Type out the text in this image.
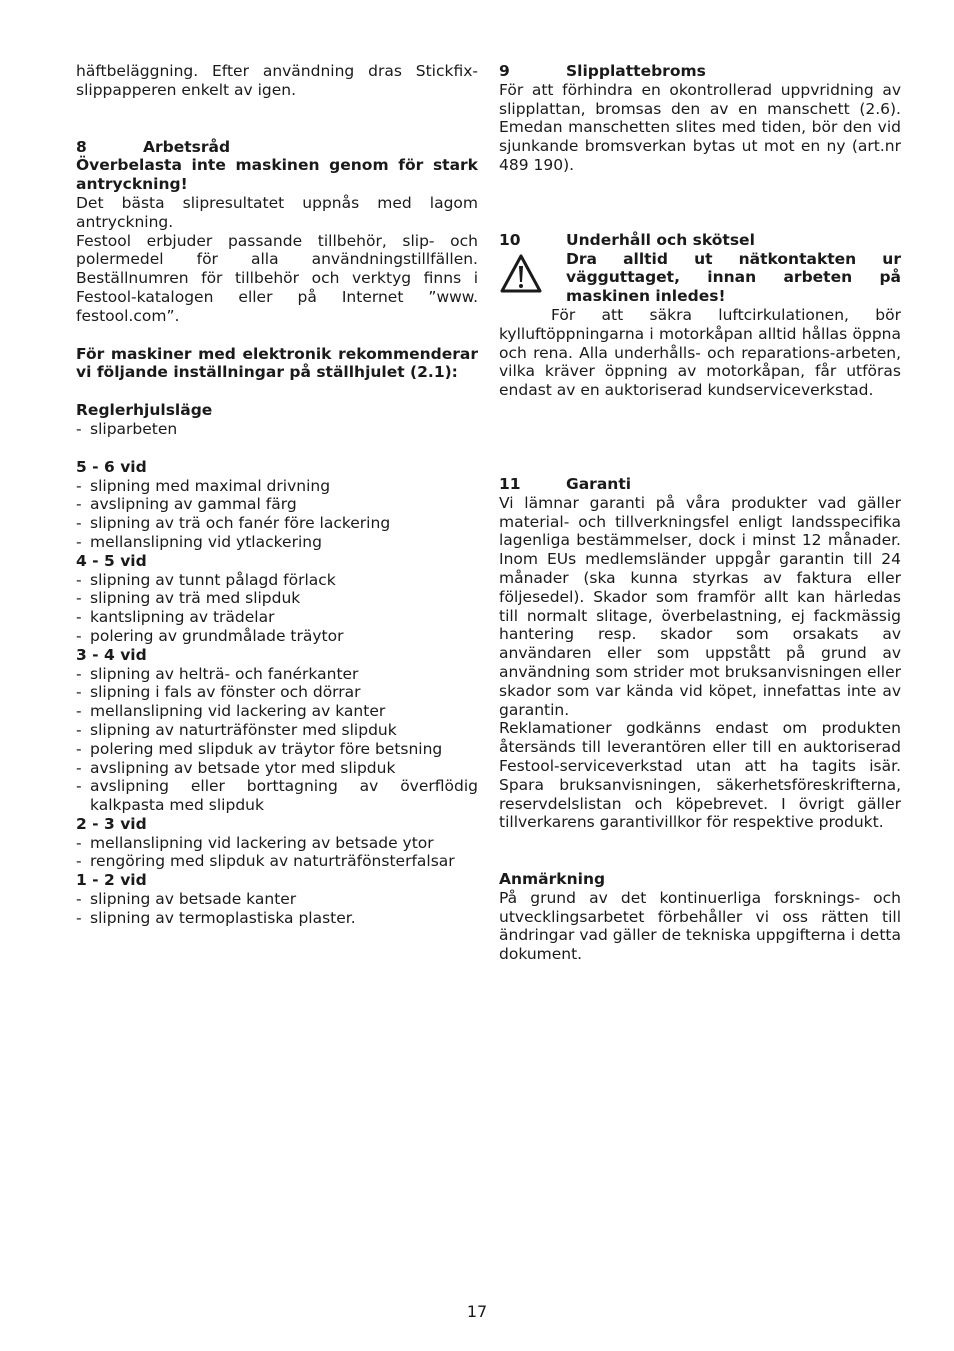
häftbeläggning. Efter användning dras Stickfix-slippapperen enkelt av igen.

8	Arbetsråd

Överbelasta inte maskinen genom för stark antryckning!

Det bästa slipresultatet uppnås med lagom antryckning.

Festool erbjuder passande tillbehör, slip- och polermedel för alla användningstillfällen. Beställnumren för tillbehör och verktyg finns i Festool-katalogen eller på Internet ”www. festool.com”.

För maskiner med elektronik rekommenderar vi följande inställningar på ställhjulet (2.1):

Reglerhjulsläge

- sliparbeten

5 - 6 vid

- slipning med maximal drivning
- avslipning av gammal färg
- slipning av trä och fanér före lackering
- mellanslipning vid ytlackering

4 - 5 vid

- slipning av tunnt pålagd förlack
- slipning av trä med slipduk
- kantslipning av trädelar
- polering av grundmålade träytor

3 - 4 vid

- slipning av helträ- och fanérkanter
- slipning i fals av fönster och dörrar
- mellanslipning vid lackering av kanter
- slipning av naturträfönster med slipduk
- polering med slipduk av träytor före betsning
- avslipning av betsade ytor med slipduk
- avslipning eller borttagning av överflödig kalkpasta med slipduk

2 - 3 vid

- mellanslipning vid lackering av betsade ytor
- rengöring med slipduk av naturträfönsterfalsar

1 - 2 vid

- slipning av betsade kanter
- slipning av termoplastiska plaster.
9	Slipplattebroms

För att förhindra en okontrollerad uppvridning av slipplattan, bromsas den av en manschett (2.6). Emedan manschetten slites med tiden, bör den vid sjunkande bromsverkan bytas ut mot en ny (art.nr 489 190).

10	Underhåll och skötsel
Dra alltid ut nätkontakten ur vägguttaget, innan arbeten på maskinen inledes!

För att säkra luftcirkulationen, bör kylluftöppningarna i motorkåpan alltid hållas öppna och rena. Alla underhålls- och reparations-arbeten, vilka kräver öppning av motorkåpan, får utföras endast av en auktoriserad kundserviceverkstad.

11	Garanti

Vi lämnar garanti på våra produkter vad gäller material- och tillverkningsfel enligt landsspecifika lagenliga bestämmelser, dock i minst 12 månader. Inom EUs medlemsländer uppgår garantin till 24 månader (ska kunna styrkas av faktura eller följesedel). Skador som framför allt kan härledas till normalt slitage, överbelastning, ej fackmässig hantering resp. skador som orsakats av användaren eller som uppstått på grund av användning som strider mot bruksanvisningen eller skador som var kända vid köpet, innefattas inte av garantin.

Reklamationer godkänns endast om produkten återsänds till leverantören eller till en auktoriserad Festool-serviceverkstad utan att ha tagits isär. Spara bruksanvisningen, säkerhetsföreskrifterna, reservdelslistan och köpebrevet. I övrigt gäller tillverkarens garantivillkor för respektive produkt.

Anmärkning

På grund av det kontinuerliga forsknings- och utvecklingsarbetet förbehåller vi oss rätten till ändringar vad gäller de tekniska uppgifterna i detta dokument.

17
